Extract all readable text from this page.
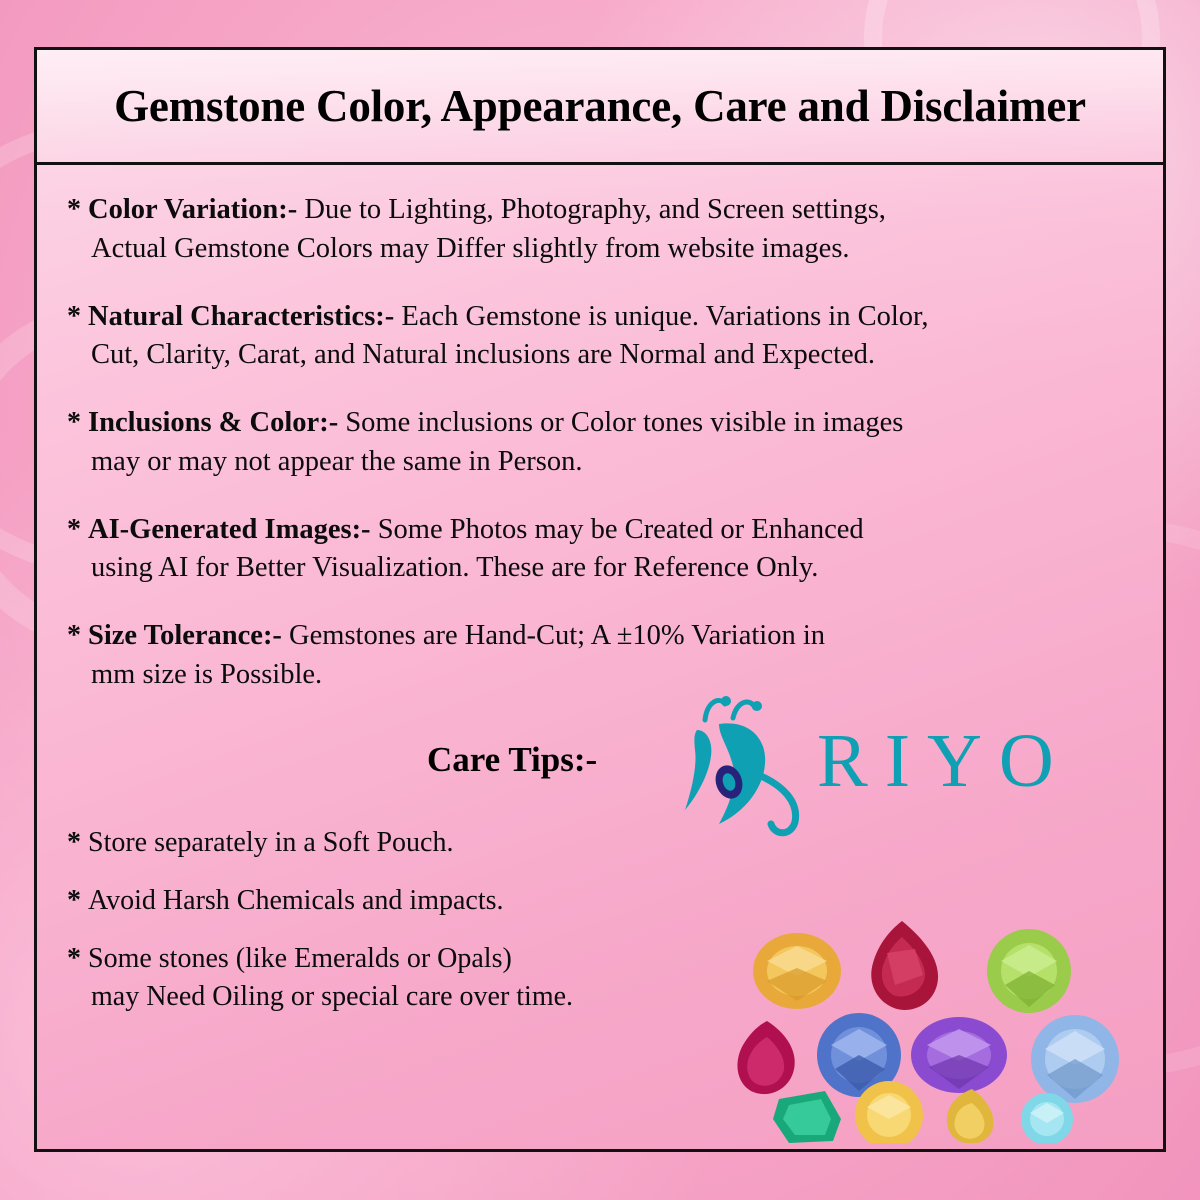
Gemstone Color, Appearance, Care and Disclaimer

* Color Variation:- Due to Lighting, Photography, and Screen settings,

Actual Gemstone Colors may Differ slightly from website images.

* Natural Characteristics:- Each Gemstone is unique. Variations in Color,

Cut, Clarity, Carat, and Natural inclusions are Normal and Expected.

* Inclusions & Color:- Some inclusions or Color tones visible in images

may or may not appear the same in Person.

* AI-Generated Images:- Some Photos may be Created or Enhanced

using AI for Better Visualization. These are for Reference Only.

* Size Tolerance:- Gemstones are Hand-Cut; A ±10% Variation in

mm size is Possible.

Care Tips:-	RIYO

* Store separately in a Soft Pouch.

* Avoid Harsh Chemicals and impacts.

* Some stones (like Emeralds or Opals)

may Need Oiling or special care over time.
